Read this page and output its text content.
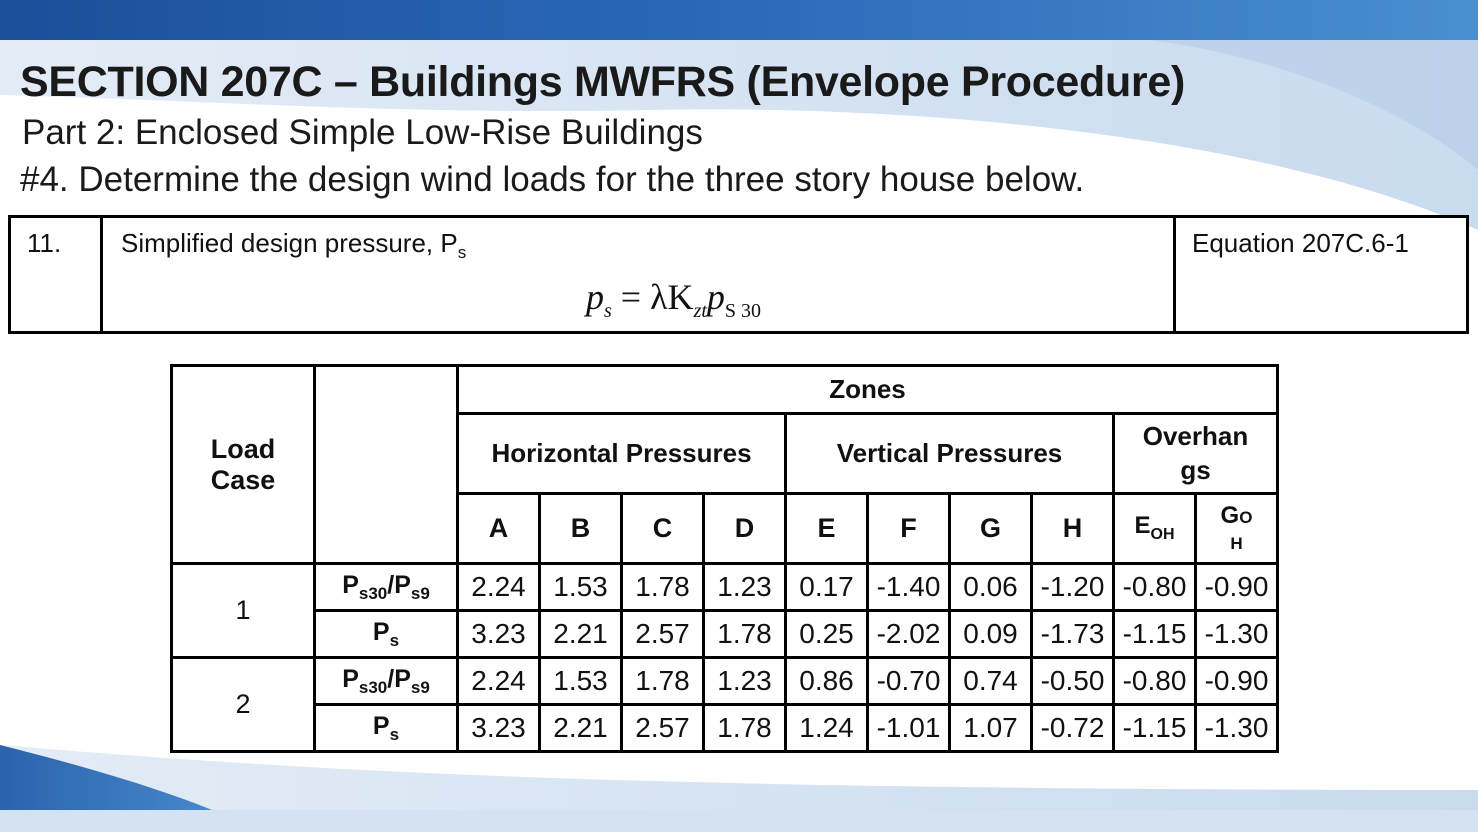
SECTION 207C – Buildings MWFRS (Envelope Procedure)
Part 2: Enclosed Simple Low-Rise Buildings
#4. Determine the design wind loads for the three story house below.
11.	Simplified design pressure, $P_s$
$p_s = \lambda K_{zt}p_{S 30}$
Equation 207C.6-1
Load Case		Zones									
		Horizontal Pressures				Vertical Pressures				Overhan gs	
		A	B	C	D	E	F	G	H	$E_{OH}$	GO
H
1	$P_{s30}/P_{s9}$	2.24	1.53	1.78	1.23	0.17	-1.40	0.06	-1.20	-0.80	-0.90
	$P_s$	3.23	2.21	2.57	1.78	0.25	-2.02	0.09	-1.73	-1.15	-1.30
2	$P_{s30}/P_{s9}$	2.24	1.53	1.78	1.23	0.86	-0.70	0.74	-0.50	-0.80	-0.90
	$P_s$	3.23	2.21	2.57	1.78	1.24	-1.01	1.07	-0.72	-1.15	-1.30
